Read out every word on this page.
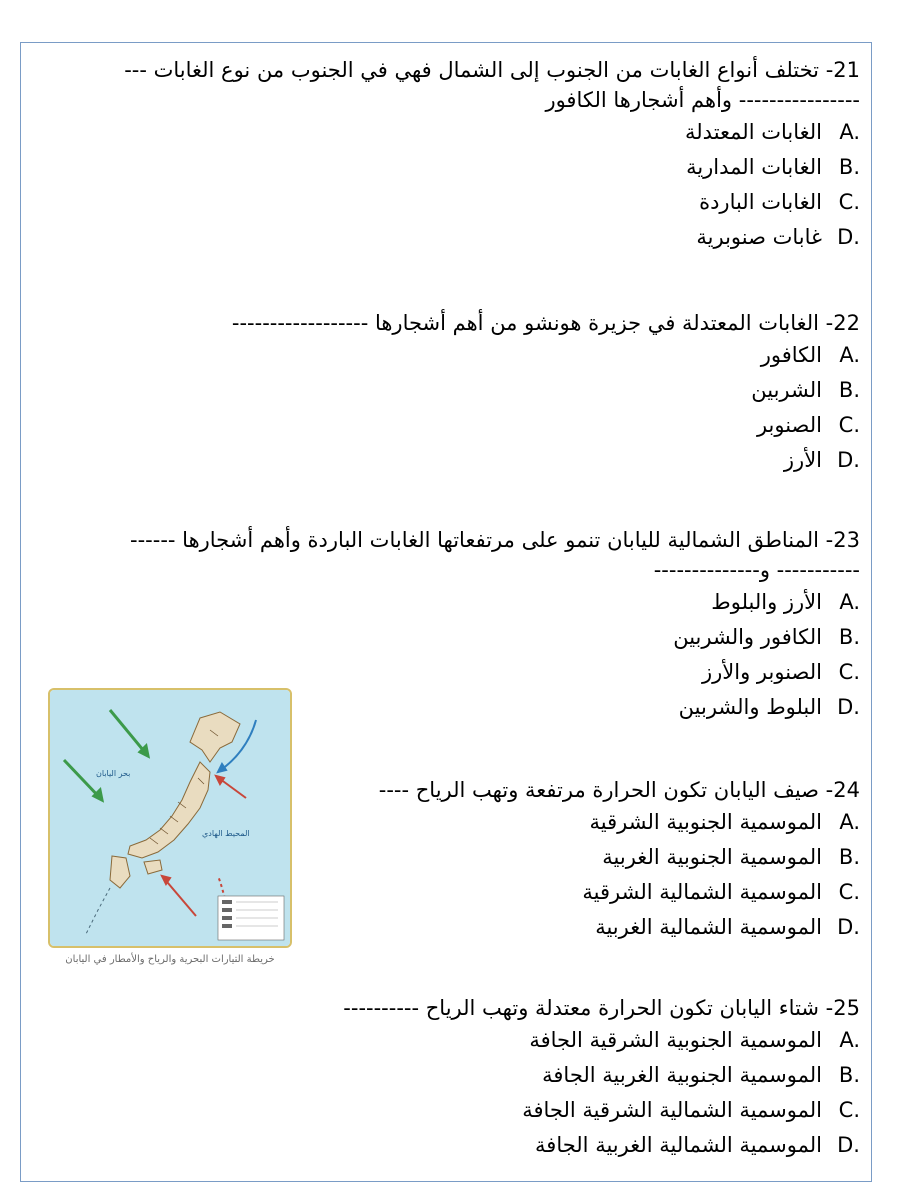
21- تختلف أنواع الغابات من الجنوب إلى الشمال فهي في الجنوب من نوع الغابات ---
---------------- وأهم أشجارها الكافور
A.
الغابات المعتدلة
B.
الغابات المدارية
C.
الغابات الباردة
D.
غابات صنوبرية
22- الغابات المعتدلة في جزيرة هونشو من أهم أشجارها ------------------
A.
الكافور
B.
الشربين
C.
الصنوبر
D.
الأرز
23- المناطق الشمالية لليابان تنمو على مرتفعاتها الغابات الباردة وأهم أشجارها ------
----------- و--------------
A.
الأرز والبلوط
B.
الكافور والشربين
C.
الصنوبر والأرز
D.
البلوط والشربين
24- صيف اليابان تكون الحرارة مرتفعة وتهب الرياح ----
A.
الموسمية الجنوبية الشرقية
B.
الموسمية الجنوبية الغربية
C.
الموسمية الشمالية الشرقية
D.
الموسمية الشمالية الغربية
25- شتاء اليابان تكون الحرارة معتدلة وتهب الرياح ----------
A.
الموسمية الجنوبية الشرقية الجافة
B.
الموسمية الجنوبية الغربية الجافة
C.
الموسمية الشمالية الشرقية الجافة
D.
الموسمية الشمالية الغربية الجافة
بحر اليابان
المحيط الهادي
خريطة التيارات البحرية والرياح والأمطار في اليابان
